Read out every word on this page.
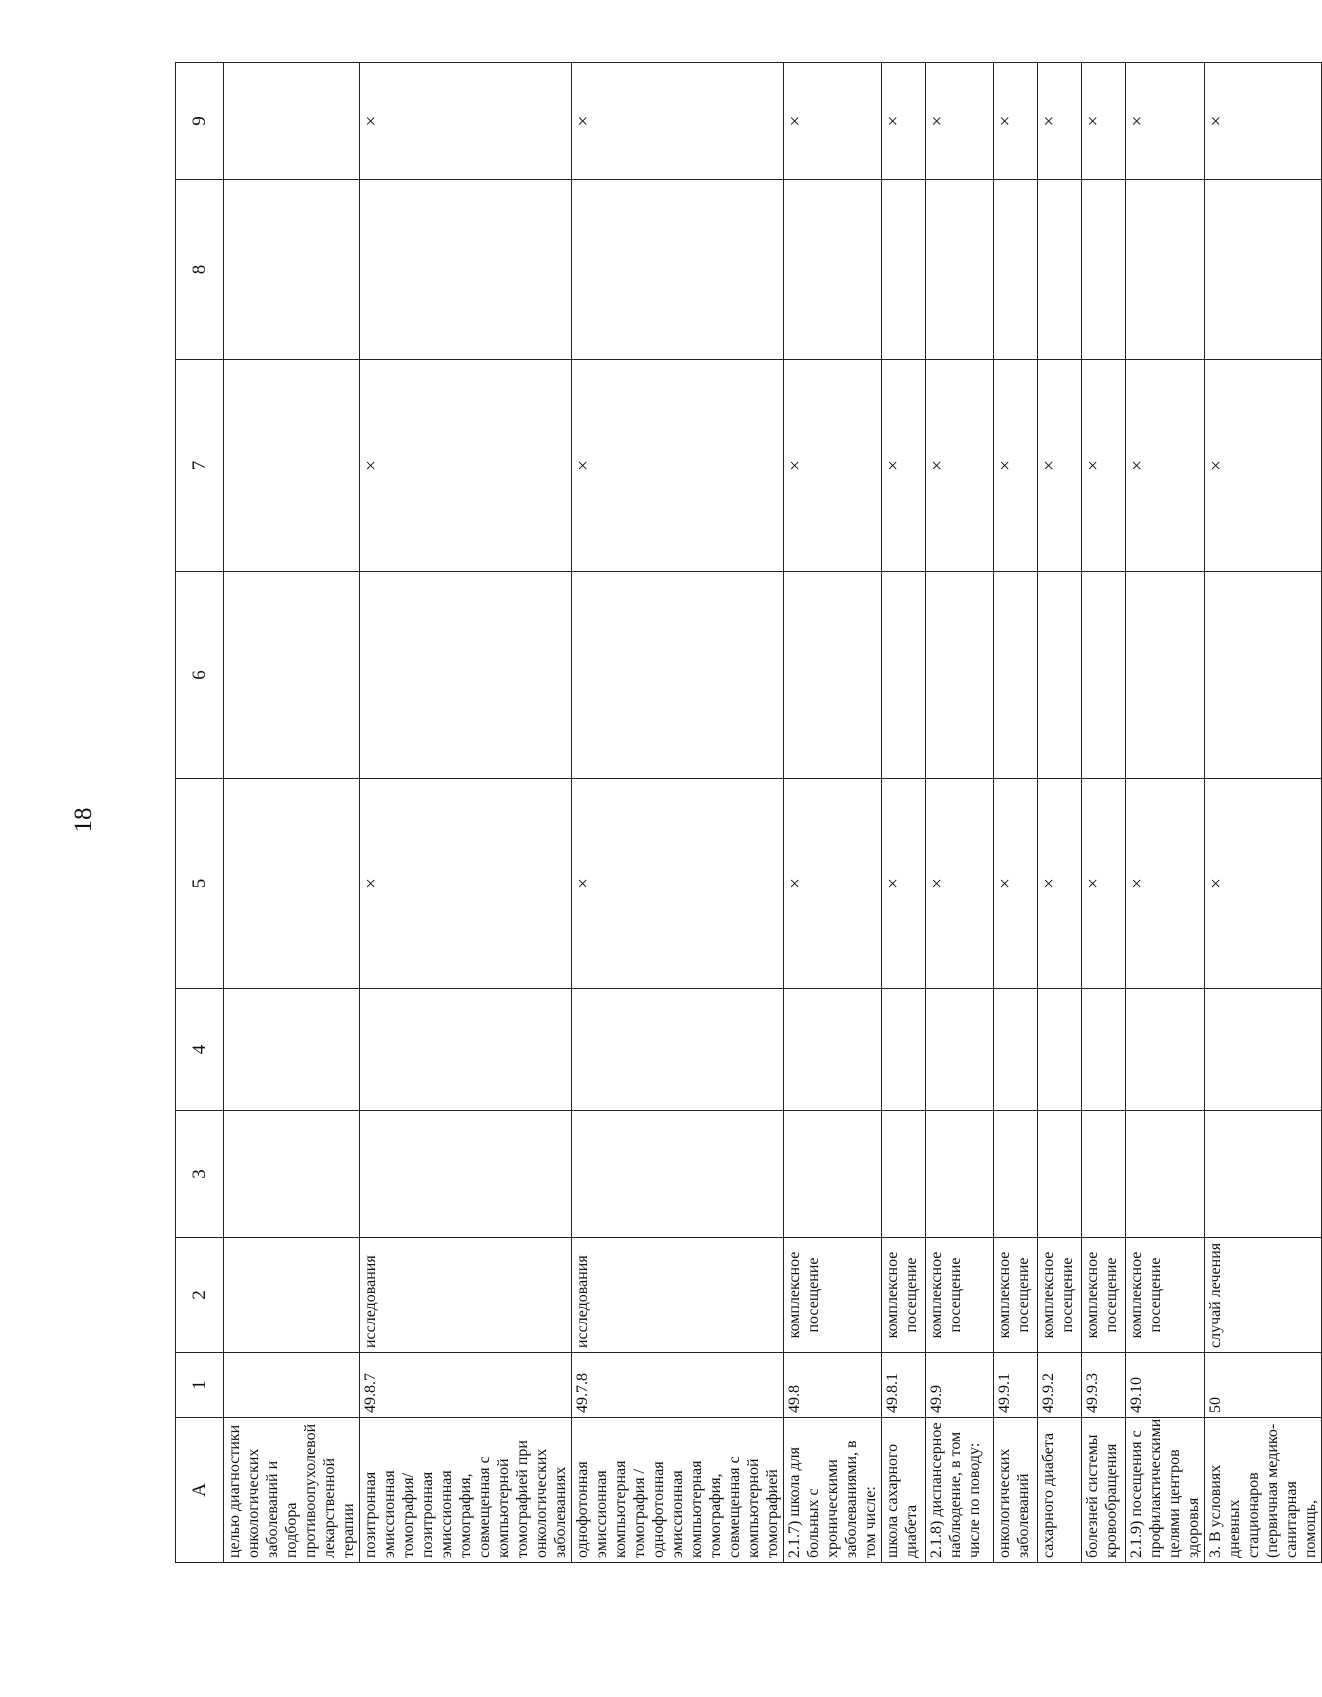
18
A	1	2	3	4	5	6	7	8	9
целью диагностики онкологических заболеваний и подбора противоопухолевой лекарственной терапии									
позитронная эмиссионная томография/позитронная эмиссионная томография, совмещенная с компьютерной томографией при онкологических заболеваниях	49.8.7	исследования			×		×		×
однофотонная эмиссионная компьютерная томография / однофотонная эмиссионная компьютерная томография, совмещенная с компьютерной томографией	49.7.8	исследования			×		×		×
2.1.7) школа для больных с хроническими заболеваниями, в том числе:	49.8	комплексное посещение			×		×		×
школа сахарного диабета	49.8.1	комплексное посещение			×		×		×
2.1.8) диспансерное наблюдение, в том числе по поводу:	49.9	комплексное посещение			×		×		×
онкологических заболеваний	49.9.1	комплексное посещение			×		×		×
сахарного диабета	49.9.2	комплексное посещение			×		×		×
болезней системы кровообращения	49.9.3	комплексное посещение			×		×		×
2.1.9) посещения с профилактическими целями центров здоровья	49.10	комплексное посещение			×		×		×
3. В условиях дневных стационаров (первичная медико-санитарная помощь,	50	случай лечения			×		×		×
